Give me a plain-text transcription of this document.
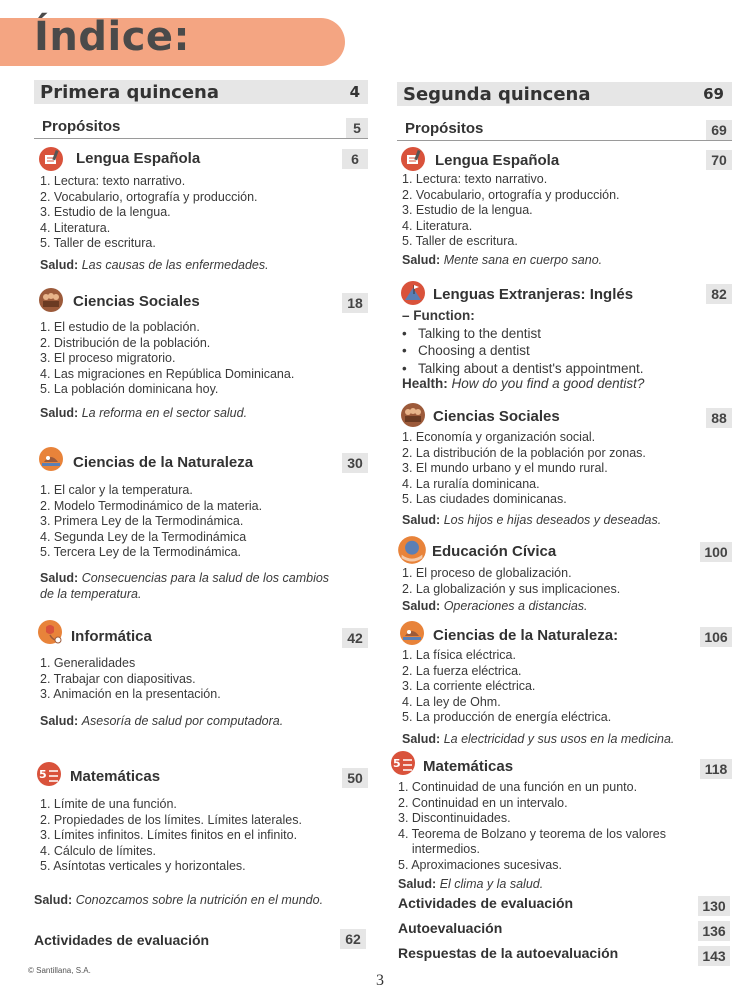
Índice:
Primera quincena	4
Propósitos	5
Lengua Española	6
1. Lectura: texto narrativo.
2. Vocabulario, ortografía y producción.
3. Estudio de la lengua.
4. Literatura.
5. Taller de escritura.
Salud: Las causas de las enfermedades.
Ciencias Sociales	18
1. El estudio de la población.
2. Distribución de la población.
3. El proceso migratorio.
4. Las migraciones en República Dominicana.
5. La población dominicana hoy.
Salud: La reforma en el sector salud.
Ciencias de la Naturaleza	30
1. El calor y la temperatura.
2. Modelo Termodinámico de la materia.
3. Primera Ley de la Termodinámica.
4. Segunda Ley de la Termodinámica
5. Tercera Ley de la Termodinámica.
Salud: Consecuencias para la salud de los cambios
de la temperatura.
Informática	42
1. Generalidades
2. Trabajar con diapositivas.
3. Animación en la presentación.
Salud: Asesoría de salud por computadora.
5 Matemáticas	50
1. Límite de una función.
2. Propiedades de los límites. Límites laterales.
3. Límites infinitos. Límites finitos en el infinito.
4. Cálculo de límites.
5. Asíntotas verticales y horizontales.
Salud: Conozcamos sobre la nutrición en el mundo.
Actividades de evaluación	62
Segunda quincena	69
Propósitos	69
Lengua Española	70
1. Lectura: texto narrativo.
2. Vocabulario, ortografía y producción.
3. Estudio de la lengua.
4. Literatura.
5. Taller de escritura.
Salud: Mente sana en cuerpo sano.
Lenguas Extranjeras: Inglés	82
– Function:
•   Talking to the dentist
•   Choosing a dentist
•   Talking about a dentist's appointment.
Health: How do you find a good dentist?
Ciencias Sociales	88
1. Economía y organización social.
2. La distribución de la población por zonas.
3. El mundo urbano y el mundo rural.
4. La ruralía dominicana.
5. Las ciudades dominicanas.
Salud: Los hijos e hijas deseados y deseadas.
Educación Cívica	100
1. El proceso de globalización.
2. La globalización y sus implicaciones.
Salud: Operaciones a distancias.
Ciencias de la Naturaleza:	106
1. La física eléctrica.
2. La fuerza eléctrica.
3. La corriente eléctrica.
4. La ley de Ohm.
5. La producción de energía eléctrica.
Salud: La electricidad y sus usos en la medicina.
5 Matemáticas	118
1. Continuidad de una función en un punto.
2. Continuidad en un intervalo.
3. Discontinuidades.
4. Teorema de Bolzano y teorema de los valores
intermedios.
5. Aproximaciones sucesivas.
Salud: El clima y la salud.
Actividades de evaluación	130
Autoevaluación	136
Respuestas de la autoevaluación	143
© Santillana, S.A.
3
